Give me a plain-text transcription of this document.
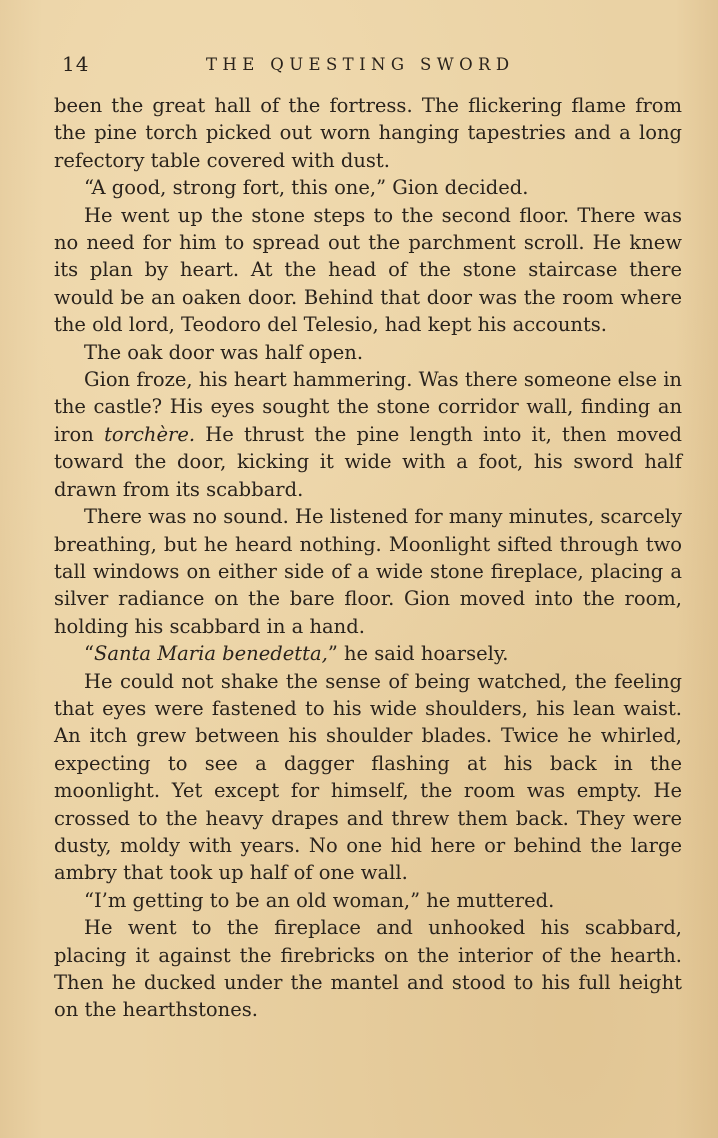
14	THE QUESTING SWORD

been the great hall of the fortress. The flickering flame from the pine torch picked out worn hanging tapestries and a long refectory table covered with dust.

“A good, strong fort, this one,” Gion decided.

He went up the stone steps to the second floor. There was no need for him to spread out the parchment scroll. He knew its plan by heart. At the head of the stone staircase there would be an oaken door. Behind that door was the room where the old lord, Teodoro del Telesio, had kept his accounts.

The oak door was half open.

Gion froze, his heart hammering. Was there someone else in the castle? His eyes sought the stone corridor wall, finding an iron torchère. He thrust the pine length into it, then moved toward the door, kicking it wide with a foot, his sword half drawn from its scabbard.

There was no sound. He listened for many minutes, scarcely breathing, but he heard nothing. Moonlight sifted through two tall windows on either side of a wide stone fireplace, placing a silver radiance on the bare floor. Gion moved into the room, holding his scabbard in a hand.

“Santa Maria benedetta,” he said hoarsely.

He could not shake the sense of being watched, the feeling that eyes were fastened to his wide shoulders, his lean waist. An itch grew between his shoulder blades. Twice he whirled, expecting to see a dagger flashing at his back in the moonlight. Yet except for himself, the room was empty. He crossed to the heavy drapes and threw them back. They were dusty, moldy with years. No one hid here or behind the large ambry that took up half of one wall.

“I’m getting to be an old woman,” he muttered.

He went to the fireplace and unhooked his scabbard, placing it against the firebricks on the interior of the hearth. Then he ducked under the mantel and stood to his full height on the hearthstones.
